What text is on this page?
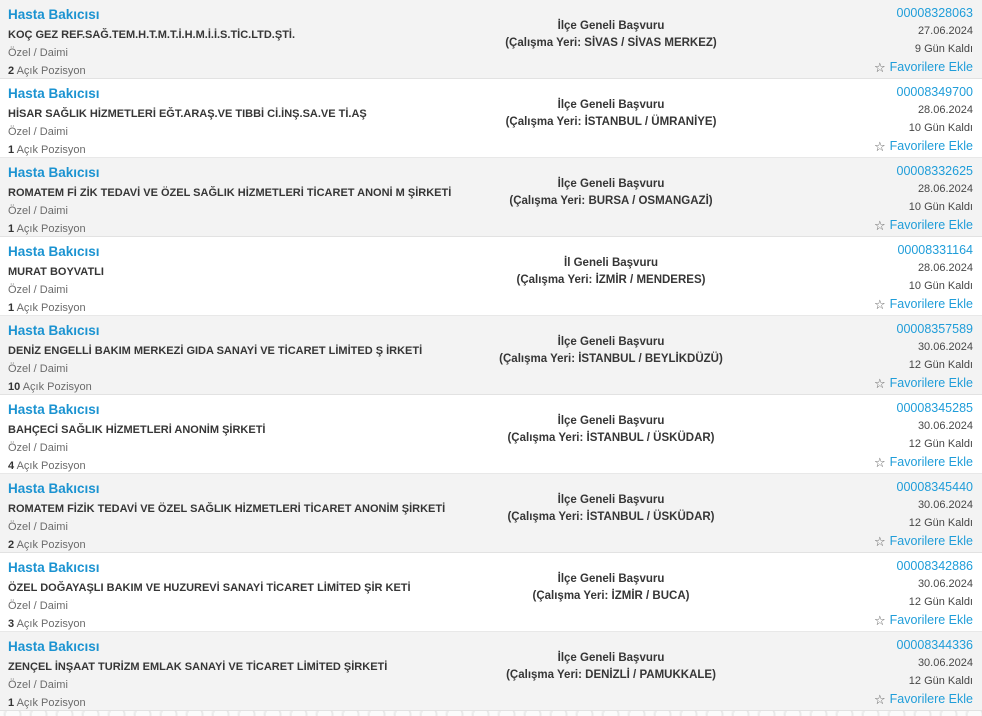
Hasta Bakıcısı
KOÇ GEZ REF.SAĞ.TEM.H.T.M.T.İ.H.M.İ.İ.S.TİC.LTD.ŞTİ.
Özel / Daimi
2 Açık Pozisyon
İlçe Geneli Başvuru
(Çalışma Yeri: SİVAS / SİVAS MERKEZ)
00008328063
27.06.2024
9 Gün Kaldı
☆ Favorilere Ekle
Hasta Bakıcısı
HİSAR SAĞLIK HİZMETLERİ EĞT.ARAŞ.VE TIBBİ Cİ.İNŞ.SA.VE Tİ.AŞ
Özel / Daimi
1 Açık Pozisyon
İlçe Geneli Başvuru
(Çalışma Yeri: İSTANBUL / ÜMRANİYE)
00008349700
28.06.2024
10 Gün Kaldı
☆ Favorilere Ekle
Hasta Bakıcısı
ROMATEM Fİ ZİK TEDAVİ VE ÖZEL SAĞLIK HİZMETLERİ TİCARET ANONİ M ŞİRKETİ
Özel / Daimi
1 Açık Pozisyon
İlçe Geneli Başvuru
(Çalışma Yeri: BURSA / OSMANGAZİ)
00008332625
28.06.2024
10 Gün Kaldı
☆ Favorilere Ekle
Hasta Bakıcısı
MURAT BOYVATLI
Özel / Daimi
1 Açık Pozisyon
İl Geneli Başvuru
(Çalışma Yeri: İZMİR / MENDERES)
00008331164
28.06.2024
10 Gün Kaldı
☆ Favorilere Ekle
Hasta Bakıcısı
DENİZ ENGELLİ BAKIM MERKEZİ GIDA SANAYİ VE TİCARET LİMİTED Ş İRKETİ
Özel / Daimi
10 Açık Pozisyon
İlçe Geneli Başvuru
(Çalışma Yeri: İSTANBUL / BEYLİKDÜZÜ)
00008357589
30.06.2024
12 Gün Kaldı
☆ Favorilere Ekle
Hasta Bakıcısı
BAHÇECİ SAĞLIK HİZMETLERİ ANONİM ŞİRKETİ
Özel / Daimi
4 Açık Pozisyon
İlçe Geneli Başvuru
(Çalışma Yeri: İSTANBUL / ÜSKÜDAR)
00008345285
30.06.2024
12 Gün Kaldı
☆ Favorilere Ekle
Hasta Bakıcısı
ROMATEM FİZİK TEDAVİ VE ÖZEL SAĞLIK HİZMETLERİ TİCARET ANONİM ŞİRKETİ
Özel / Daimi
2 Açık Pozisyon
İlçe Geneli Başvuru
(Çalışma Yeri: İSTANBUL / ÜSKÜDAR)
00008345440
30.06.2024
12 Gün Kaldı
☆ Favorilere Ekle
Hasta Bakıcısı
ÖZEL DOĞAYAŞLI BAKIM VE HUZUREVİ SANAYİ TİCARET LİMİTED ŞİR KETİ
Özel / Daimi
3 Açık Pozisyon
İlçe Geneli Başvuru
(Çalışma Yeri: İZMİR / BUCA)
00008342886
30.06.2024
12 Gün Kaldı
☆ Favorilere Ekle
Hasta Bakıcısı
ZENÇEL İNŞAAT TURİZM EMLAK SANAYİ VE TİCARET LİMİTED ŞİRKETİ
Özel / Daimi
1 Açık Pozisyon
İlçe Geneli Başvuru
(Çalışma Yeri: DENİZLİ / PAMUKKALE)
00008344336
30.06.2024
12 Gün Kaldı
☆ Favorilere Ekle
